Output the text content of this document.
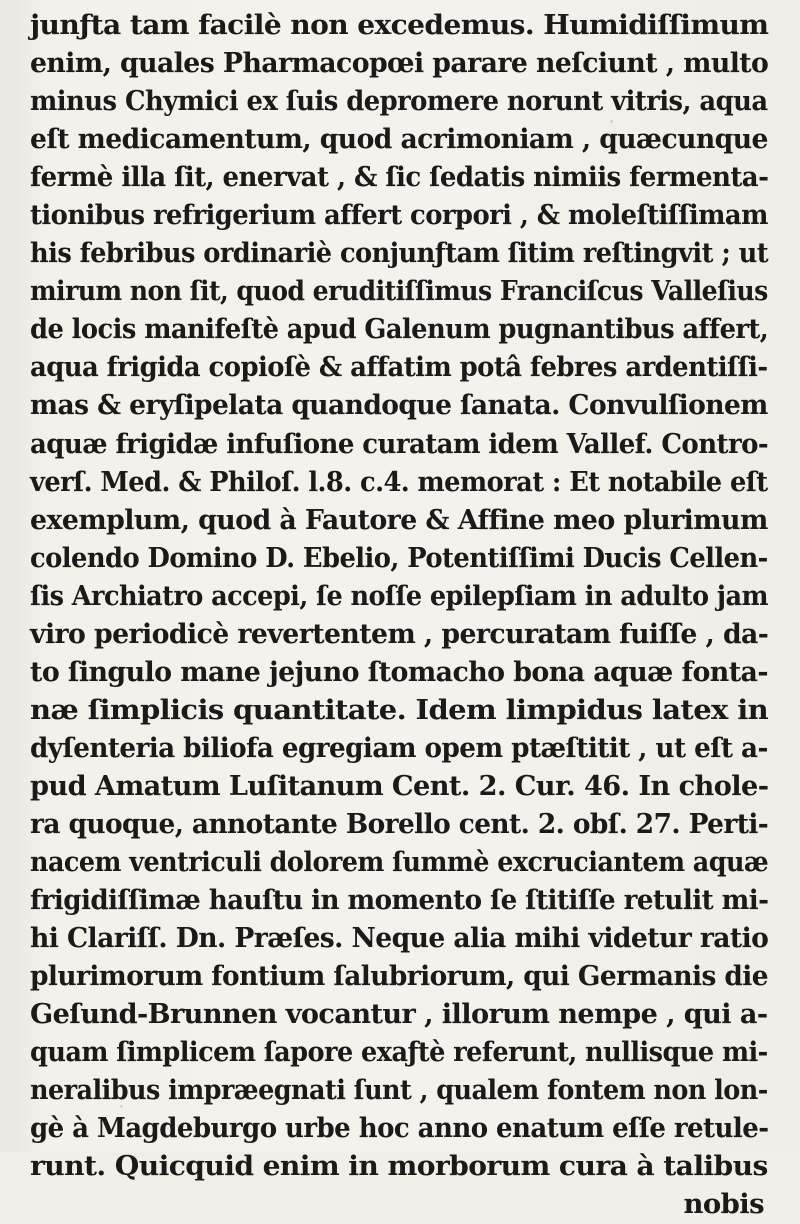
junƒta tam facilè non excedemus. Humidiſſimum
enim, quales Pharmacopœi parare neſciunt , multo
minus Chymici ex ſuis depromere norunt vitris, aqua
eſt medicamentum, quod acrimoniam , quæcunque
fermè illa ſit, enervat , & ſic ſedatis nimiis fermenta-
tionibus refrigerium affert corpori , & moleſtiſſimam
his febribus ordinariè conjunƒtam ſitim reſtingvit ; ut
mirum non ſit, quod eruditiſſimus Franciſcus Valleſius
de locis manifeſtè apud Galenum pugnantibus affert,
aqua frigida copioſè & affatim potâ febres ardentiſſi-
mas & eryſipelata quandoque ſanata. Convulſionem
aquæ frigidæ infuſione curatam idem Vallef. Contro-
verſ. Med. & Philoſ. l.8. c.4. memorat : Et notabile eſt
exemplum, quod à Fautore & Affine meo plurimum
colendo Domino D. Ebelio, Potentiſſimi Ducis Cellen-
ſis Archiatro accepi, ſe noſſe epilepſiam in adulto jam
viro periodicè revertentem , percuratam fuiſſe , da-
to ſingulo mane jejuno ſtomacho bona aquæ fonta-
næ ſimplicis quantitate. Idem limpidus latex in
dyſenteria biliofa egregiam opem ptæſtitit , ut eſt a-
pud Amatum Luſitanum Cent. 2. Cur. 46. In chole-
ra quoque, annotante Borello cent. 2. obſ. 27. Perti-
nacem ventriculi dolorem ſummè excruciantem aquæ
frigidiſſimæ hauſtu in momento ſe ſtitiſſe retulit mi-
hi Clariſſ. Dn. Præſes. Neque alia mihi videtur ratio
plurimorum fontium ſalubriorum, qui Germanis die
Geſund-Brunnen vocantur , illorum nempe , qui a-
quam ſimplicem ſapore exaƒtè referunt, nullisque mi-
neralibus impræegnati ſunt , qualem fontem non lon-
gè à Magdeburgo urbe hoc anno enatum eſſe retule-
runt. Quicquid enim in morborum cura à talibus
nobis
